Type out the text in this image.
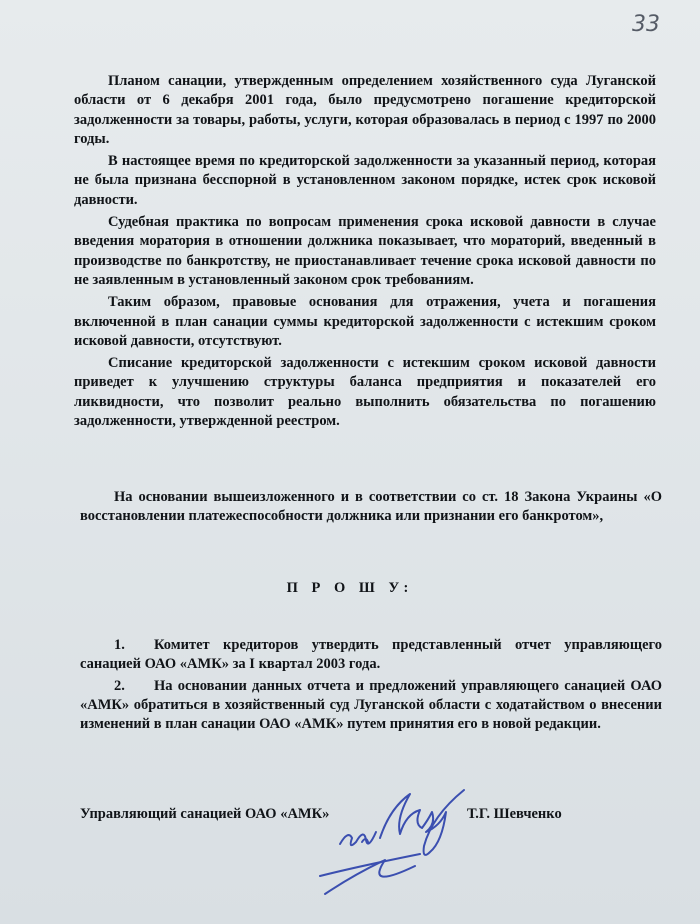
33

Планом санации, утвержденным определением хозяйственного суда Луганской области от 6 декабря 2001 года, было предусмотрено погашение кредиторской задолженности за товары, работы, услуги, которая образовалась в период с 1997 по 2000 годы.

В настоящее время по кредиторской задолженности за указанный период, которая не была признана бесспорной в установленном законом порядке, истек срок исковой давности.

Судебная практика по вопросам применения срока исковой давности в случае введения моратория в отношении должника показывает, что мораторий, введенный в производстве по банкротству, не приостанавливает течение срока исковой давности по не заявленным в установленный законом срок требованиям.

Таким образом, правовые основания для отражения, учета и погашения включенной в план санации суммы кредиторской задолженности с истекшим сроком исковой давности, отсутствуют.

Списание кредиторской задолженности с истекшим сроком исковой давности приведет к улучшению структуры баланса предприятия и показателей его ликвидности, что позволит реально выполнить обязательства по погашению задолженности, утвержденной реестром.

На основании вышеизложенного и в соответствии со ст. 18 Закона Украины «О восстановлении платежеспособности должника или признании его банкротом»,
П Р О Ш У:

1. Комитет кредиторов утвердить представленный отчет управляющего санацией ОАО «АМК» за I квартал 2003 года.

2. На основании данных отчета и предложений управляющего санацией ОАО «АМК» обратиться в хозяйственный суд Луганской области с ходатайством о внесении изменений в план санации ОАО «АМК» путем принятия его в новой редакции.

Управляющий санацией ОАО «АМК»	Т.Г. Шевченко
